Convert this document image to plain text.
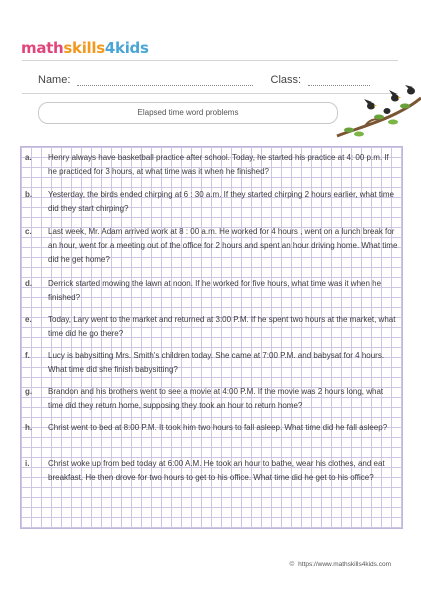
math skills 4kids
Name:	Class:
Elapsed time word problems
a. Henry always have basketball practice after school. Today, he started his practice at 4: 00 p.m. If he practiced for 3 hours, at what time was it when he finished?
b. Yesterday, the birds ended chirping at 6 : 30 a.m. If they started chirping 2 hours earlier, what time did they start chirping?
c. Last week, Mr. Adam arrived work at 8 : 00 a.m. He worked for 4 hours , went on a lunch break for an hour, went for a meeting out of the office for 2 hours and spent an hour driving home. What time did he get home?
d. Derrick started mowing the lawn at noon. If he worked for five hours, what time was it when he finished?
e. Today, Lary went to the market and returned at 3:00 P.M. If he spent two hours at the market, what time did he go there?
f. Lucy is babysitting Mrs. Smith's children today. She came at 7:00 P.M. and babysat for 4 hours. What time did she finish babysitting?
g. Brandon and his brothers went to see a movie at 4:00 P.M. If the movie was 2 hours long, what time did they return home, supposing they took an hour to return home?
h. Christ went to bed at 8:00 P.M. It took him two hours to fall asleep. What time did he fall asleep?
i. Christ woke up from bed today at 6:00 A.M. He took an hour to bathe, wear his clothes, and eat breakfast. He then drove for two hours to get to his office. What time did he get to his office?
© https://www.mathskills4kids.com
